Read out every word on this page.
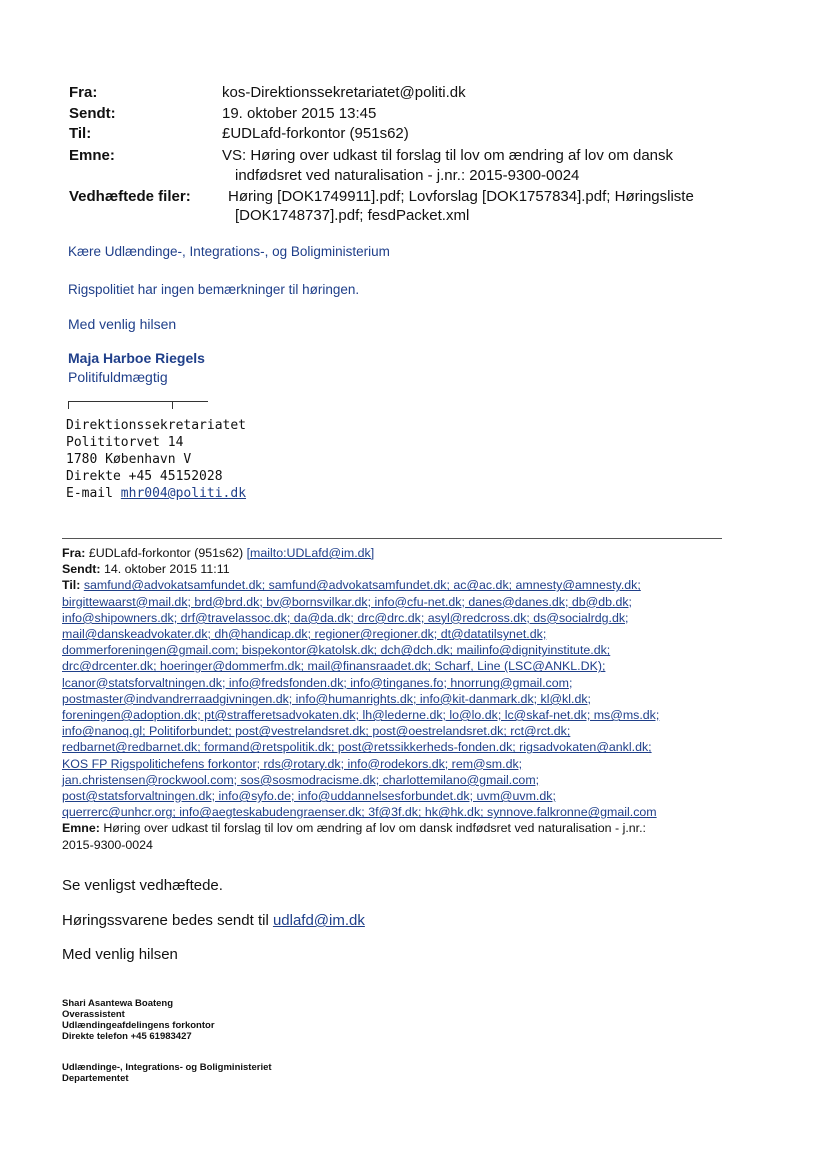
Fra:	kos-Direktionssekretariatet@politi.dk
Sendt:	19. oktober 2015 13:45
Til:	£UDLafd-forkontor (951s62)
Emne:	VS: Høring over udkast til forslag til lov om ændring af lov om dansk
indfødsret ved naturalisation - j.nr.: 2015-9300-0024
Vedhæftede filer: Høring [DOK1749911].pdf; Lovforslag [DOK1757834].pdf; Høringsliste
[DOK1748737].pdf; fesdPacket.xml
Kære Udlændinge-, Integrations-, og Boligministerium
Rigspolitiet har ingen bemærkninger til høringen.
Med venlig hilsen
Maja Harboe Riegels
Politifuldmægtig
Direktionssekretariatet
Polititorvet 14
1780 København V
Direkte +45 45152028
E-mail mhr004@politi.dk
Fra: £UDLafd-forkontor (951s62) [mailto:UDLafd@im.dk]
Sendt: 14. oktober 2015 11:11
Til: samfund@advokatsamfundet.dk; samfund@advokatsamfundet.dk; ac@ac.dk; amnesty@amnesty.dk;
birgittewaarst@mail.dk; brd@brd.dk; bv@bornsvilkar.dk; info@cfu-net.dk; danes@danes.dk; db@db.dk;
info@shipowners.dk; drf@travelassoc.dk; da@da.dk; drc@drc.dk; asyl@redcross.dk; ds@socialrdg.dk;
mail@danskeadvokater.dk; dh@handicap.dk; regioner@regioner.dk; dt@datatilsynet.dk;
dommerforeningen@gmail.com; bispekontor@katolsk.dk; dch@dch.dk; mailinfo@dignityinstitute.dk;
drc@drcenter.dk; hoeringer@dommerfm.dk; mail@finansraadet.dk; Scharf, Line (LSC@ANKL.DK);
lcanor@statsforvaltningen.dk; info@fredsfonden.dk; info@tinganes.fo; hnorrung@gmail.com;
postmaster@indvandrerraadgivningen.dk; info@humanrights.dk; info@kit-danmark.dk; kl@kl.dk;
foreningen@adoption.dk; pt@strafferetsadvokaten.dk; lh@lederne.dk; lo@lo.dk; lc@skaf-net.dk; ms@ms.dk;
info@nanoq.gl; Politiforbundet; post@vestrelandsret.dk; post@oestrelandsret.dk; rct@rct.dk;
redbarnet@redbarnet.dk; formand@retspolitik.dk; post@retssikkerheds-fonden.dk; rigsadvokaten@ankl.dk;
KOS FP Rigspolitichefens forkontor; rds@rotary.dk; info@rodekors.dk; rem@sm.dk;
jan.christensen@rockwool.com; sos@sosmodracisme.dk; charlottemilano@gmail.com;
post@statsforvaltningen.dk; info@syfo.de; info@uddannelsesforbundet.dk; uvm@uvm.dk;
querrerc@unhcr.org; info@aegteskabudengraenser.dk; 3f@3f.dk; hk@hk.dk; synnove.falkronne@gmail.com
Emne: Høring over udkast til forslag til lov om ændring af lov om dansk indfødsret ved naturalisation - j.nr.:
2015-9300-0024
Se venligst vedhæftede.
Høringssvarene bedes sendt til udlafd@im.dk
Med venlig hilsen
Shari Asantewa Boateng
Overassistent
Udlændingeafdelingens forkontor
Direkte telefon +45 61983427
Udlændinge-, Integrations- og Boligministeriet
Departementet
